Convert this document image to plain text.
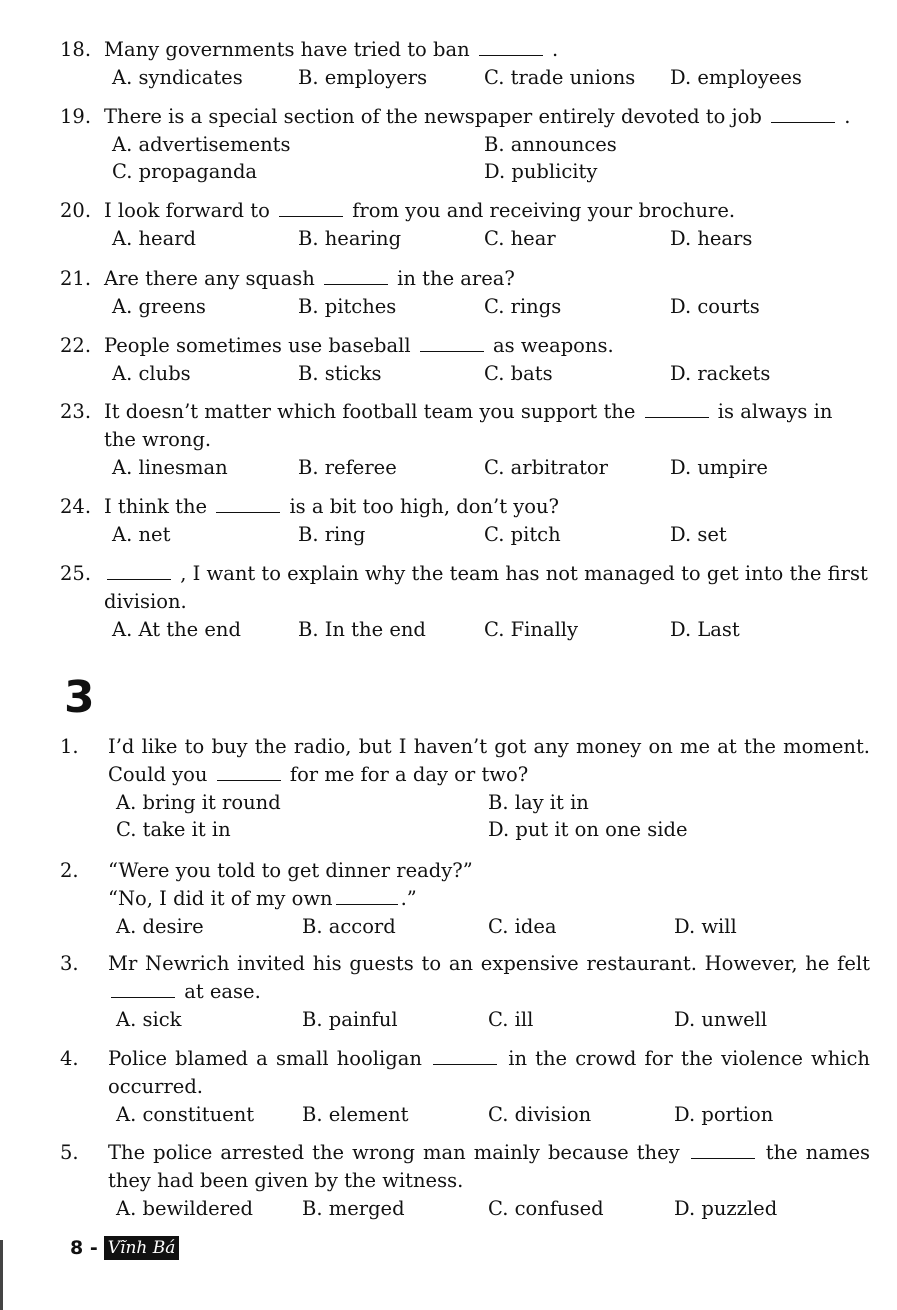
18. Many governments have tried to ban	.
A. syndicates	B. employers	C. trade unions D. employees
19. There is a special section of the newspaper entirely devoted to job	.
A. advertisements	B. announces
C. propaganda	D. publicity
20. I look forward to	from you and receiving your brochure.
A. heard	B. hearing	C. hear	D. hears
21. Are there any squash	in the area?
A. greens	B. pitches	C. rings	D. courts
22. People sometimes use baseball	as weapons.
A. clubs	B. sticks	C. bats	D. rackets
23. It doesn’t matter which football team you support the	is always in the wrong.
A. linesman	B. referee	C. arbitrator	D. umpire
24. I think the	is a bit too high, don’t you?
A. net	B. ring	C. pitch	D. set
25.	, I want to explain why the team has not managed to get into the first division.
A. At the end	B. In the end	C. Finally	D. Last
1. I’d like to buy the radio, but I haven’t got any money on me at the moment. Could you	for me for a day or two?
A. bring it round	B. lay it in
C. take it in	D. put it on one side
2. “Were you told to get dinner ready?”
“No, I did it of my own	.”
A. desire	B. accord	C. idea	D. will
3. Mr Newrich invited his guests to an expensive restaurant. However, he felt  at ease.
A. sick	B. painful	C. ill	D. unwell
4. Police blamed a small hooligan	in the crowd for the violence which occurred.
A. constituent B. element	C. division	D. portion
5. The police arrested the wrong man mainly because they	the names they had been given by the witness.
A. bewildered	B. merged	C. confused	D. puzzled
3
8 - Vĩnh Bá
